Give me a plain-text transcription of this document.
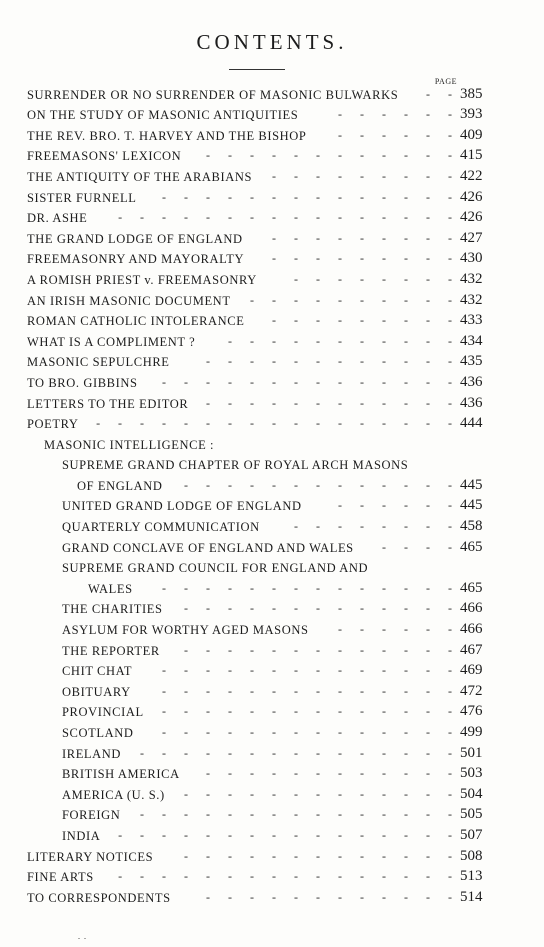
CONTENTS.
PAGE
SURRENDER OR NO SURRENDER OF MASONIC BULWARKS	385
-      -
ON THE STUDY OF MASONIC ANTIQUITIES	393
-      -      -      -      -      -
THE REV. BRO. T. HARVEY AND THE BISHOP	409
-      -      -      -      -      -
FREEMASONS' LEXICON	415
-      -      -      -      -      -      -      -      -      -      -      -
THE ANTIQUITY OF THE ARABIANS	422
-      -      -      -      -      -      -      -      -
SISTER FURNELL	426
-      -      -      -      -      -      -      -      -      -      -      -      -      -
DR. ASHE	426
-      -      -      -      -      -      -      -      -      -      -      -      -      -      -      -
THE GRAND LODGE OF ENGLAND	427
-      -      -      -      -      -      -      -      -
FREEMASONRY AND MAYORALTY	430
-      -      -      -      -      -      -      -      -
A ROMISH PRIEST v. FREEMASONRY	432
-      -      -      -      -      -      -      -
AN IRISH MASONIC DOCUMENT	432
-      -      -      -      -      -      -      -      -      -
ROMAN CATHOLIC INTOLERANCE	433
-      -      -      -      -      -      -      -      -
WHAT IS A COMPLIMENT ?	434
-      -      -      -      -      -      -      -      -      -      -
MASONIC SEPULCHRE	435
-      -      -      -      -      -      -      -      -      -      -      -
TO BRO. GIBBINS	436
-      -      -      -      -      -      -      -      -      -      -      -      -      -
LETTERS TO THE EDITOR	436
-      -      -      -      -      -      -      -      -      -      -      -
POETRY	444
-      -      -      -      -      -      -      -      -      -      -      -      -      -      -      -      -
MASONIC INTELLIGENCE :
SUPREME GRAND CHAPTER OF ROYAL ARCH MASONS
OF ENGLAND	445
-      -      -      -      -      -      -      -      -      -      -      -      -
UNITED GRAND LODGE OF ENGLAND	445
-      -      -      -      -      -
QUARTERLY COMMUNICATION	458
-      -      -      -      -      -      -      -
GRAND CONCLAVE OF ENGLAND AND WALES	465
-      -      -      -
SUPREME GRAND COUNCIL FOR ENGLAND AND
WALES	465
-      -      -      -      -      -      -      -      -      -      -      -      -      -
THE CHARITIES	466
-      -      -      -      -      -      -      -      -      -      -      -      -
ASYLUM FOR WORTHY AGED MASONS	466
-      -      -      -      -      -
THE REPORTER	467
-      -      -      -      -      -      -      -      -      -      -      -      -
CHIT CHAT	469
-      -      -      -      -      -      -      -      -      -      -      -      -      -
OBITUARY	472
-      -      -      -      -      -      -      -      -      -      -      -      -      -
PROVINCIAL	476
-      -      -      -      -      -      -      -      -      -      -      -      -      -
SCOTLAND	499
-      -      -      -      -      -      -      -      -      -      -      -      -      -
IRELAND	501
-      -      -      -      -      -      -      -      -      -      -      -      -      -      -
BRITISH AMERICA	503
-      -      -      -      -      -      -      -      -      -      -      -
AMERICA (U. S.)	504
-      -      -      -      -      -      -      -      -      -      -      -      -
FOREIGN	505
-      -      -      -      -      -      -      -      -      -      -      -      -      -      -
INDIA	507
-      -      -      -      -      -      -      -      -      -      -      -      -      -      -      -
LITERARY NOTICES	508
-      -      -      -      -      -      -      -      -      -      -      -      -
FINE ARTS	513
-      -      -      -      -      -      -      -      -      -      -      -      -      -      -      -
TO CORRESPONDENTS	514
-      -      -      -      -      -      -      -      -      -      -      -
.  .
